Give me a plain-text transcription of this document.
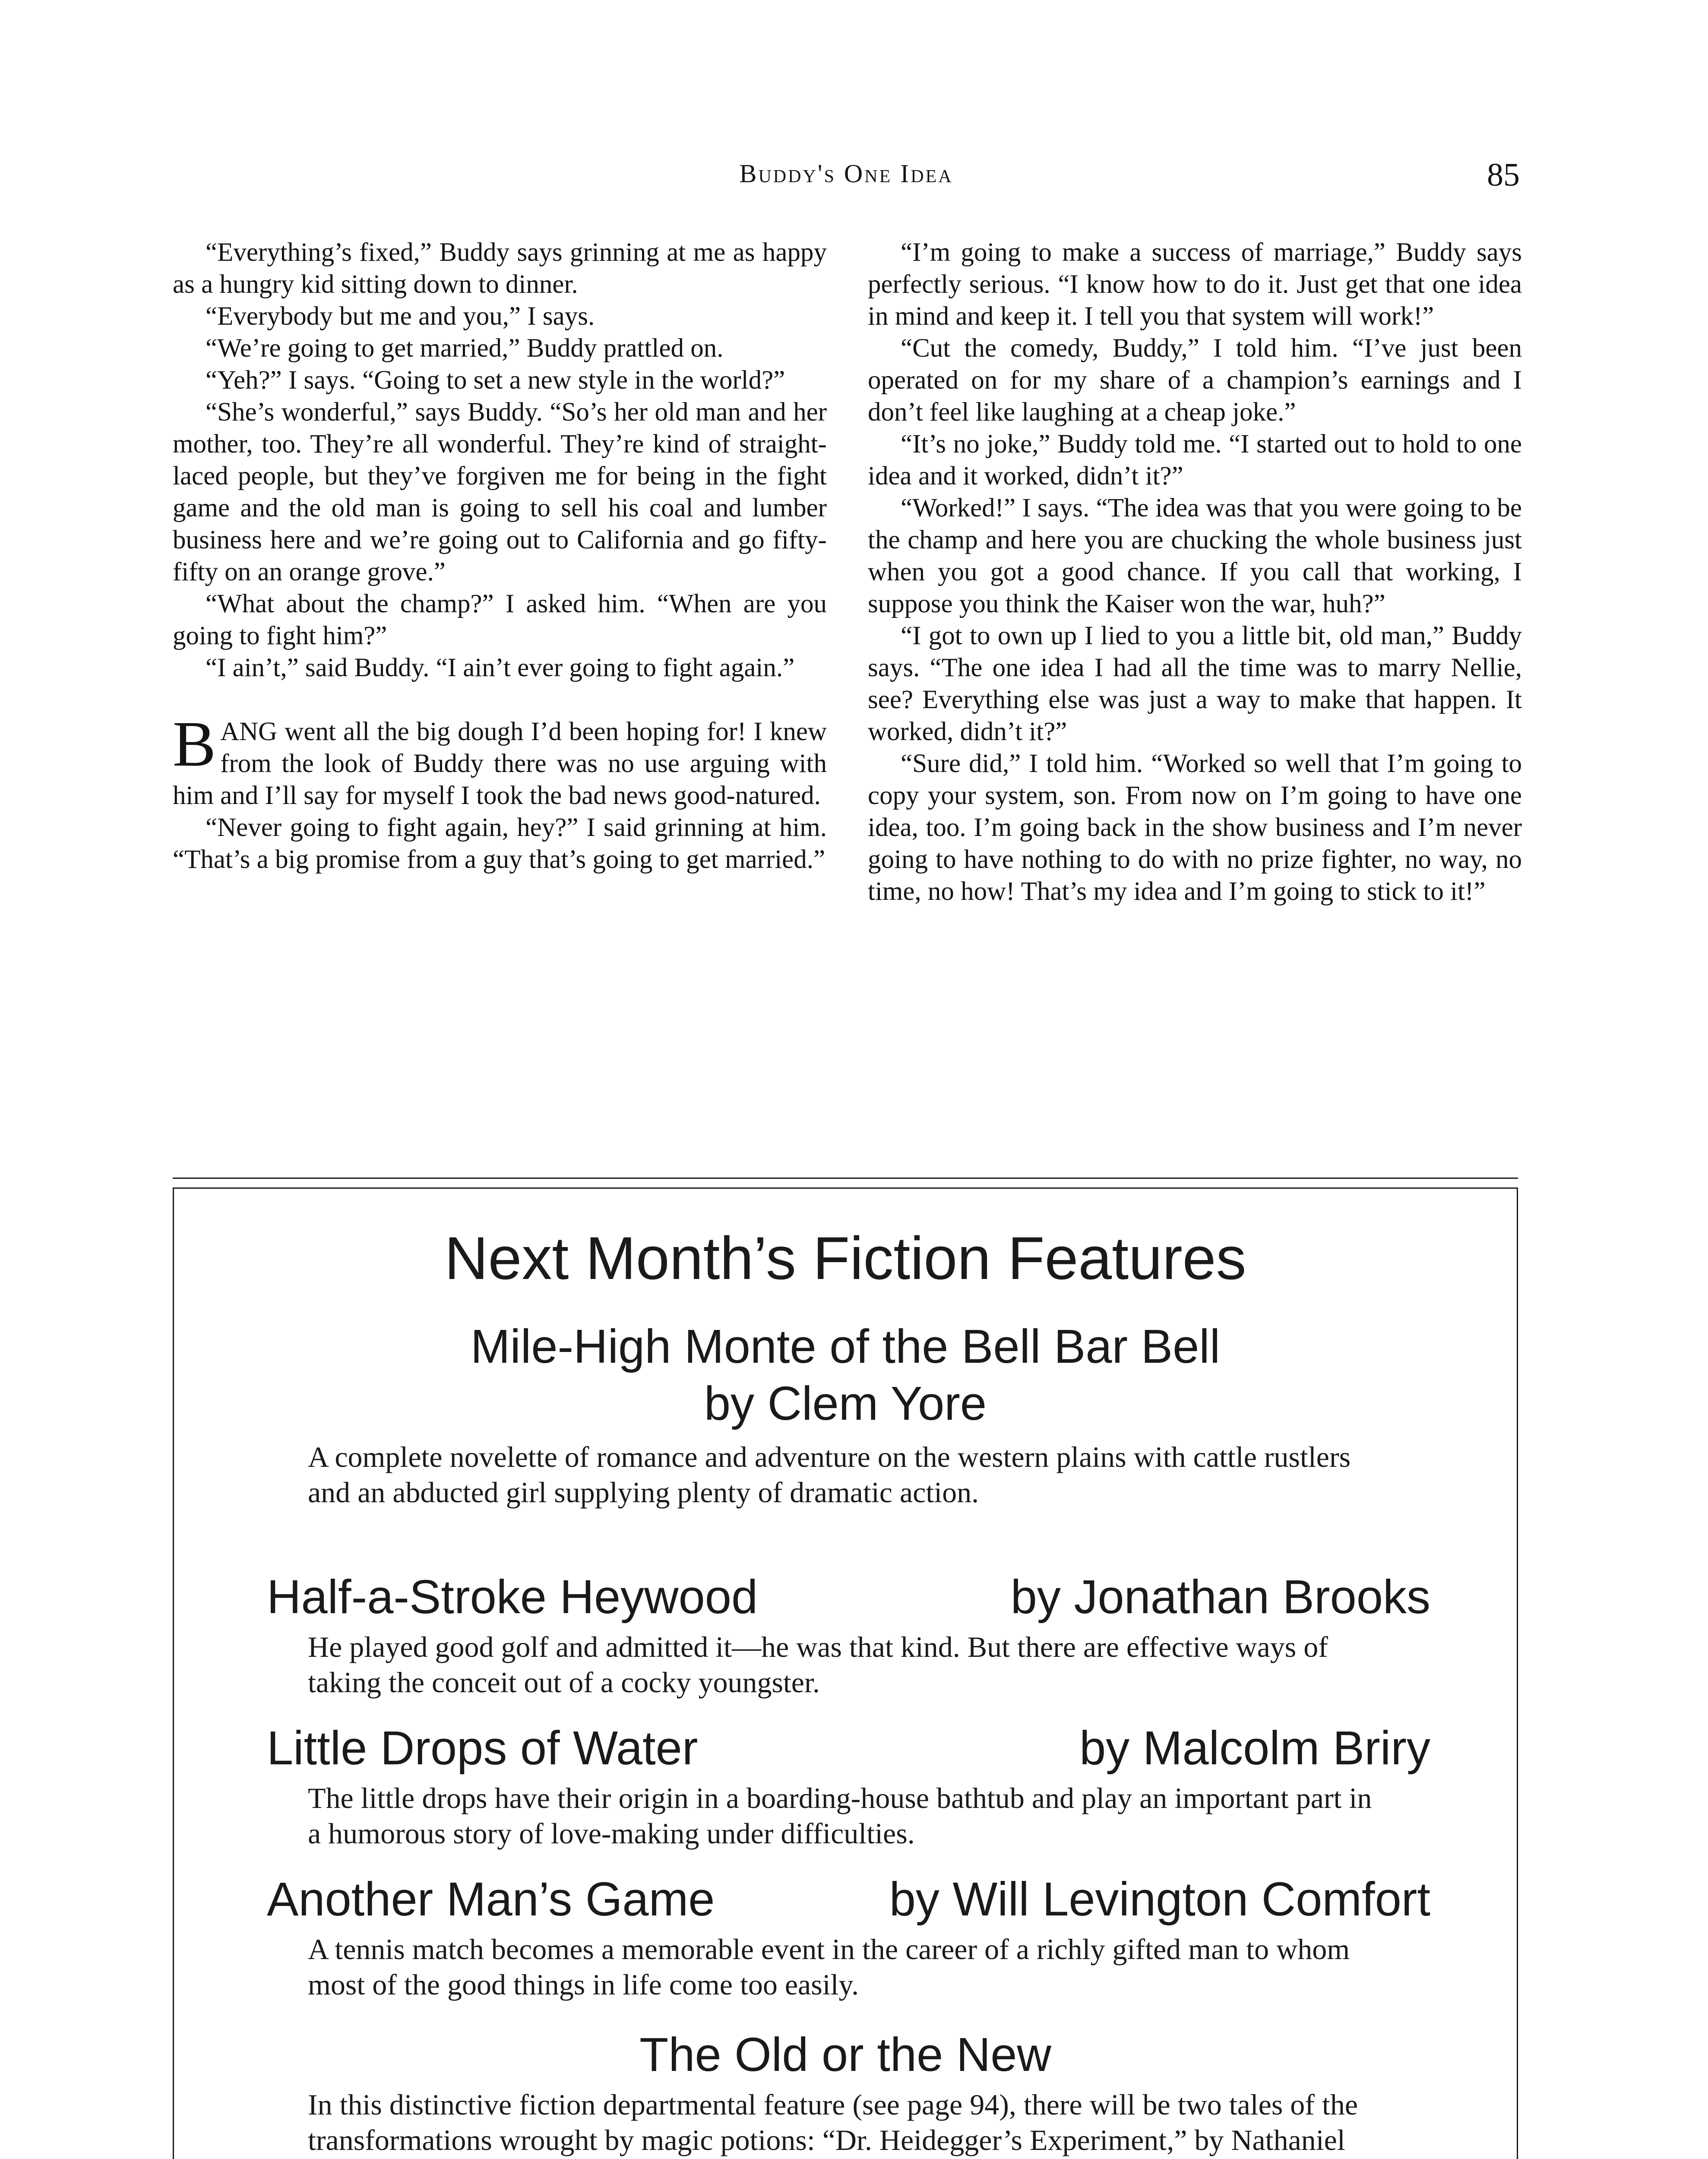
Buddy's One Idea	85

“Everything’s fixed,” Buddy says grinning at me as happy as a hungry kid sitting down to dinner.

“Everybody but me and you,” I says.

“We’re going to get married,” Buddy prattled on.

“Yeh?” I says. “Going to set a new style in the world?”

“She’s wonderful,” says Buddy. “So’s her old man and her mother, too. They’re all wonderful. They’re kind of straight-laced people, but they’ve forgiven me for being in the fight game and the old man is going to sell his coal and lumber business here and we’re going out to California and go fifty-fifty on an orange grove.”

“What about the champ?” I asked him. “When are you going to fight him?”

“I ain’t,” said Buddy. “I ain’t ever going to fight again.”

BANG went all the big dough I’d been hoping for! I knew from the look of Buddy there was no use arguing with him and I’ll say for myself I took the bad news good-natured.

“Never going to fight again, hey?” I said grinning at him. “That’s a big promise from a guy that’s going to get married.”

“I’m going to make a success of marriage,” Buddy says perfectly serious. “I know how to do it. Just get that one idea in mind and keep it. I tell you that system will work!”

“Cut the comedy, Buddy,” I told him. “I’ve just been operated on for my share of a champion’s earnings and I don’t feel like laughing at a cheap joke.”

“It’s no joke,” Buddy told me. “I started out to hold to one idea and it worked, didn’t it?”

“Worked!” I says. “The idea was that you were going to be the champ and here you are chucking the whole business just when you got a good chance. If you call that working, I suppose you think the Kaiser won the war, huh?”

“I got to own up I lied to you a little bit, old man,” Buddy says. “The one idea I had all the time was to marry Nellie, see? Everything else was just a way to make that happen. It worked, didn’t it?”

“Sure did,” I told him. “Worked so well that I’m going to copy your system, son. From now on I’m going to have one idea, too. I’m going back in the show business and I’m never going to have nothing to do with no prize fighter, no way, no time, no how! That’s my idea and I’m going to stick to it!”

Next Month’s Fiction Features
Mile-High Monte of the Bell Bar Bell
by Clem Yore
A complete novelette of romance and adventure on the western plains with cattle rustlers and an abducted girl supplying plenty of dramatic action.
Half-a-Stroke Heywood	by Jonathan Brooks
He played good golf and admitted it—he was that kind. But there are effective ways of taking the conceit out of a cocky youngster.
Little Drops of Water	by Malcolm Briry
The little drops have their origin in a boarding-house bathtub and play an important part in a humorous story of love-making under difficulties.
Another Man’s Game	by Will Levington Comfort
A tennis match becomes a memorable event in the career of a richly gifted man to whom most of the good things in life come too easily.
The Old or the New
In this distinctive fiction departmental feature (see page 94), there will be two tales of the transformations wrought by magic potions: “Dr. Heidegger’s Experiment,” by Nathaniel
